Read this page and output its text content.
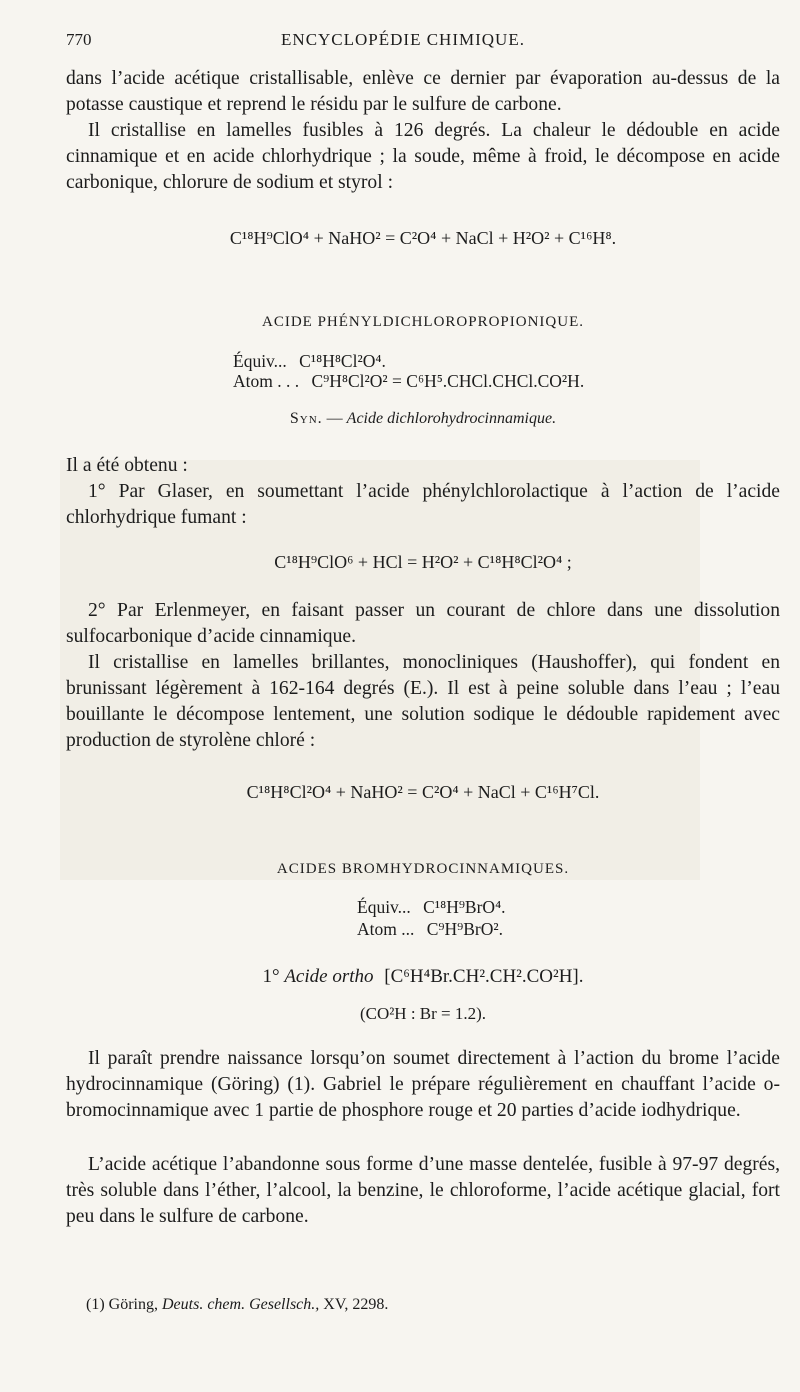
770	ENCYCLOPÉDIE CHIMIQUE.
dans l’acide acétique cristallisable, enlève ce dernier par évaporation au-dessus de la potasse caustique et reprend le résidu par le sulfure de carbone.
Il cristallise en lamelles fusibles à 126 degrés. La chaleur le dédouble en acide cinnamique et en acide chlorhydrique ; la soude, même à froid, le décompose en acide carbonique, chlorure de sodium et styrol :
C¹⁸H⁹ClO⁴ + NaHO² = C²O⁴ + NaCl + H²O² + C¹⁶H⁸.
ACIDE PHÉNYLDICHLOROPROPIONIQUE.
Équiv... C¹⁸H⁸Cl²O⁴.
Atom . . . C⁹H⁸Cl²O² = C⁶H⁵.CHCl.CHCl.CO²H.
Syn. — Acide dichlorohydrocinnamique.
Il a été obtenu :
1° Par Glaser, en soumettant l’acide phénylchlorolactique à l’action de l’acide chlorhydrique fumant :
C¹⁸H⁹ClO⁶ + HCl = H²O² + C¹⁸H⁸Cl²O⁴ ;
2° Par Erlenmeyer, en faisant passer un courant de chlore dans une dissolution sulfocarbonique d’acide cinnamique.
Il cristallise en lamelles brillantes, monocliniques (Haushoffer), qui fondent en brunissant légèrement à 162-164 degrés (E.). Il est à peine soluble dans l’eau ; l’eau bouillante le décompose lentement, une solution sodique le dédouble rapidement avec production de styrolène chloré :
C¹⁸H⁸Cl²O⁴ + NaHO² = C²O⁴ + NaCl + C¹⁶H⁷Cl.
ACIDES BROMHYDROCINNAMIQUES.
Équiv... C¹⁸H⁹BrO⁴.
Atom ... C⁹H⁹BrO².
1° Acide ortho [C⁶H⁴Br.CH².CH².CO²H].
(CO²H : Br = 1.2).
Il paraît prendre naissance lorsqu’on soumet directement à l’action du brome l’acide hydrocinnamique (Göring) (1). Gabriel le prépare régulièrement en chauffant l’acide o-bromocinnamique avec 1 partie de phosphore rouge et 20 parties d’acide iodhydrique.
L’acide acétique l’abandonne sous forme d’une masse dentelée, fusible à 97-97 degrés, très soluble dans l’éther, l’alcool, la benzine, le chloroforme, l’acide acétique glacial, fort peu dans le sulfure de carbone.
(1) Göring, Deuts. chem. Gesellsch., XV, 2298.
